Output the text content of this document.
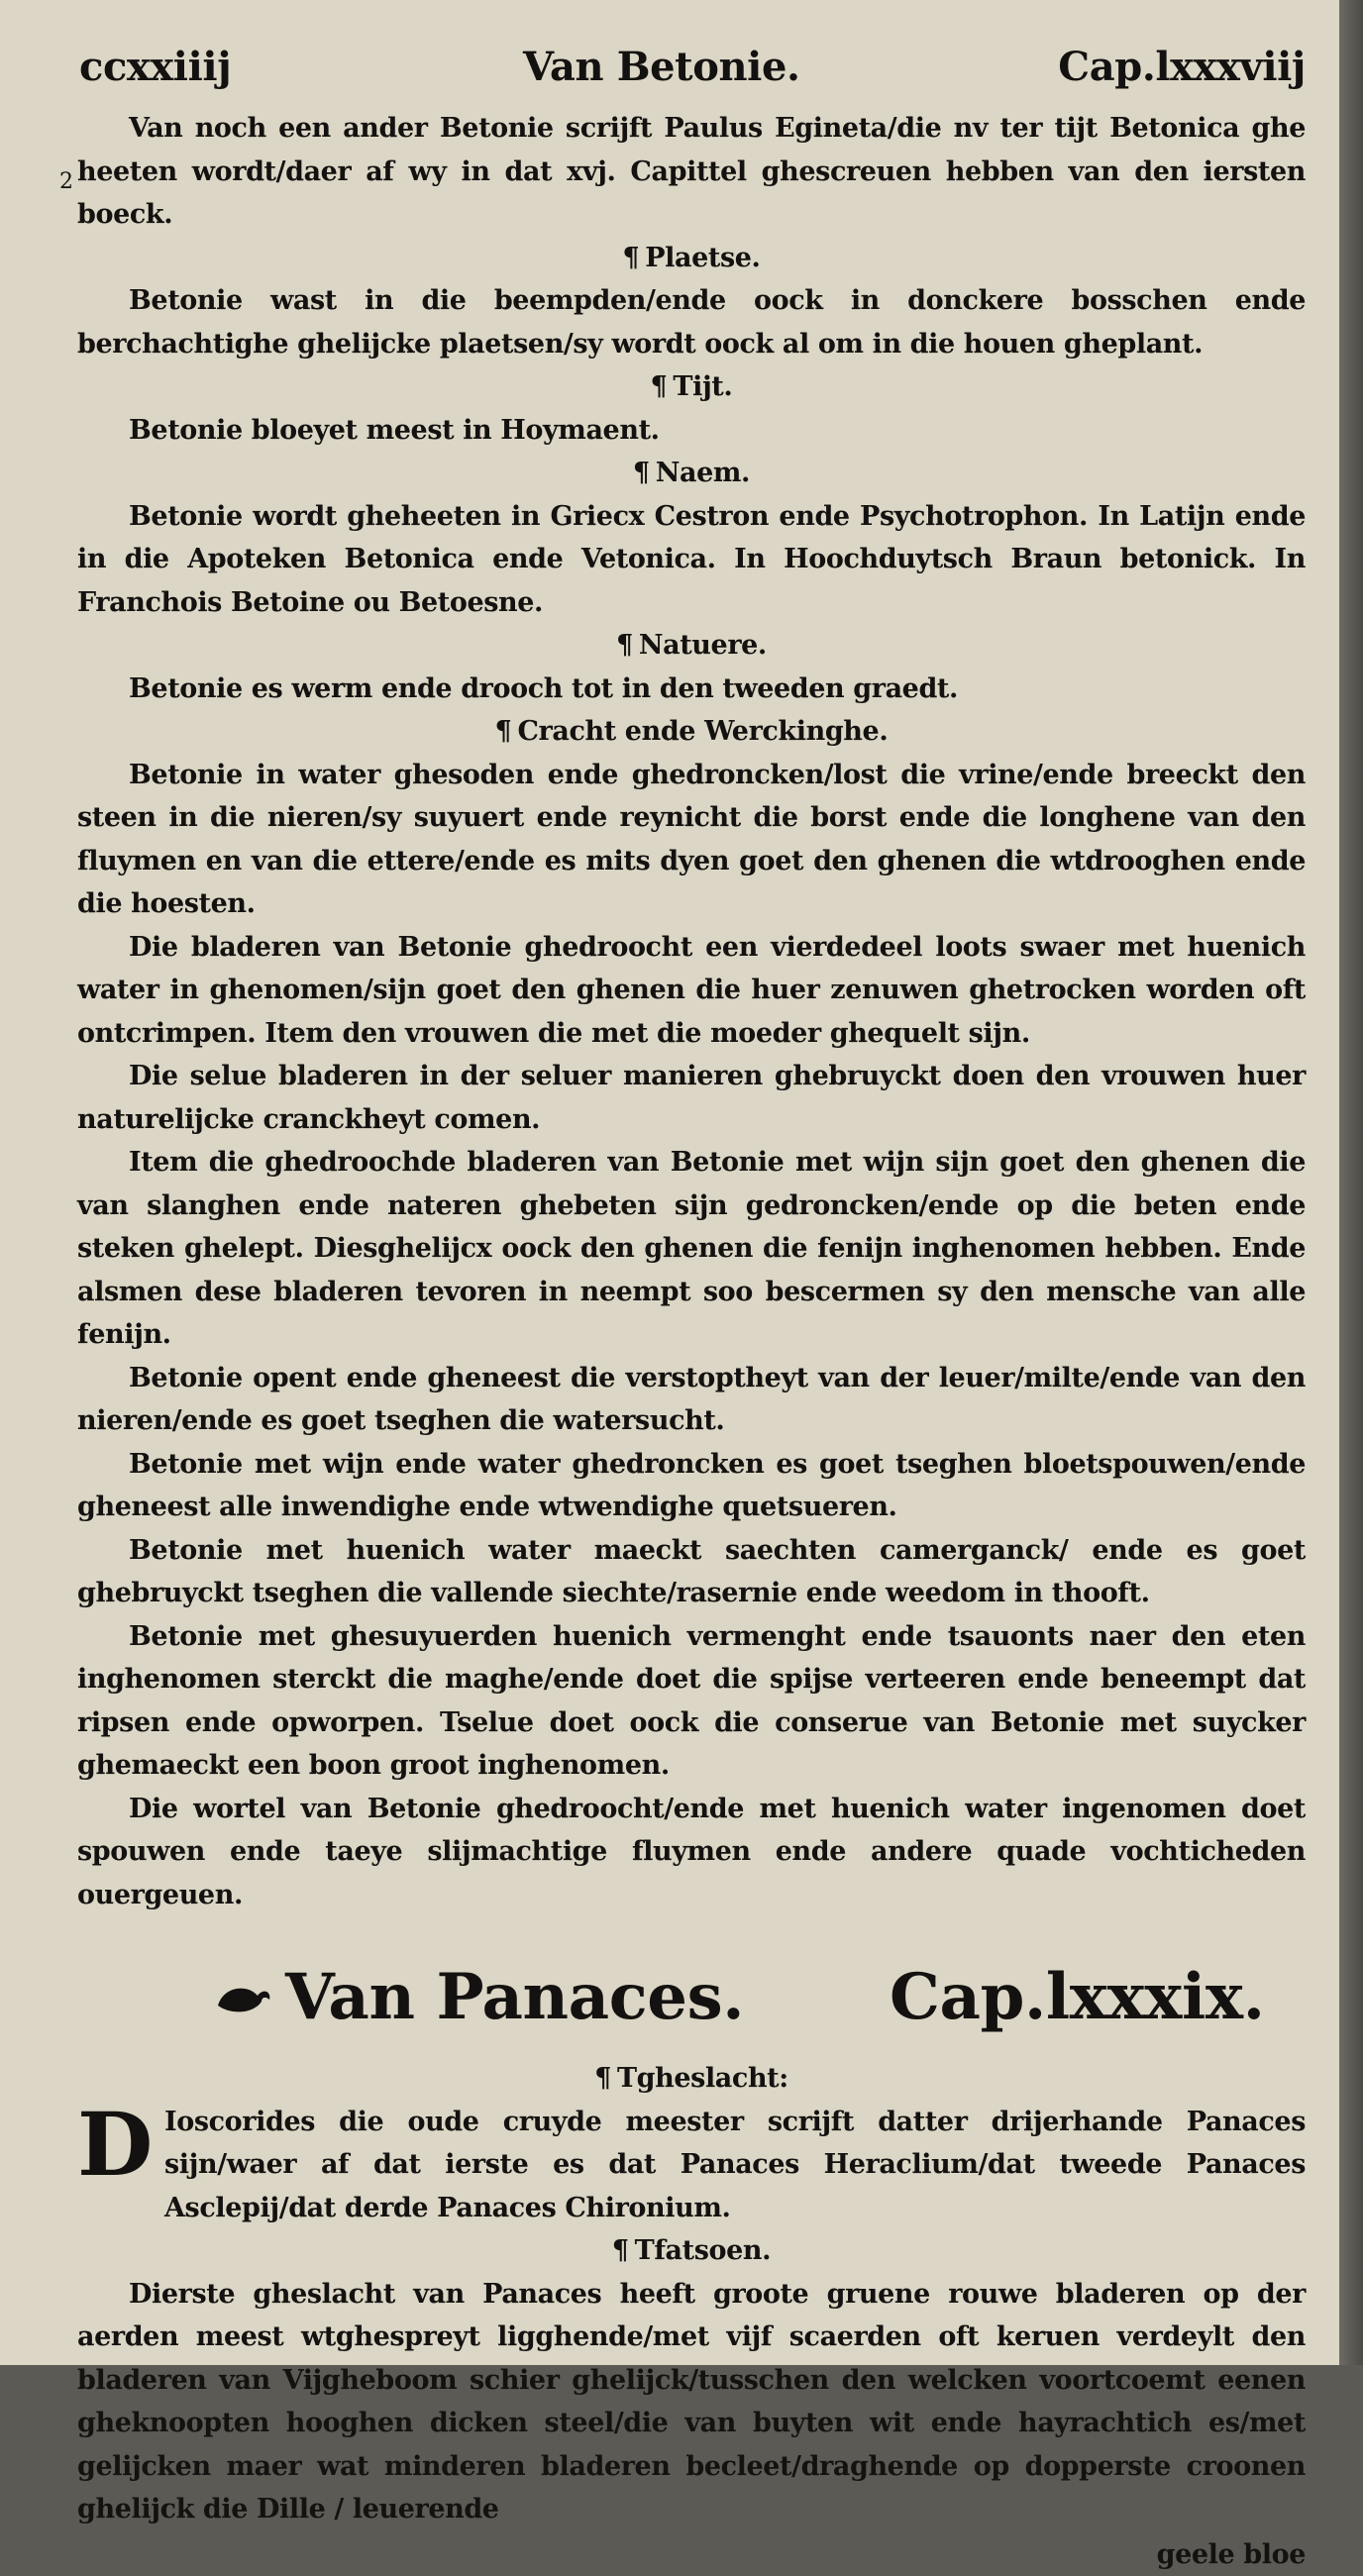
ccxxiiij	Van Betonie.	Cap.lxxxviij
2

Van noch een ander Betonie scrijft Paulus Egineta/die nv ter tijt Betonica ghe heeten wordt/daer af wy in dat xvj. Capittel ghescreuen hebben van den iersten boeck.

¶ Plaetse.

Betonie wast in die beempden/ende oock in donckere bosschen ende berchachtighe ghelijcke plaetsen/sy wordt oock al om in die houen gheplant.

¶ Tijt.

Betonie bloeyet meest in Hoymaent.

¶ Naem.

Betonie wordt gheheeten in Griecx Cestron ende Psychotrophon. In Latijn ende in die Apoteken Betonica ende Vetonica. In Hoochduytsch Braun betonick. In Franchois Betoine ou Betoesne.

¶ Natuere.

Betonie es werm ende drooch tot in den tweeden graedt.

¶ Cracht ende Werckinghe.

Betonie in water ghesoden ende ghedroncken/lost die vrine/ende breeckt den steen in die nieren/sy suyuert ende reynicht die borst ende die longhene van den fluymen en van die ettere/ende es mits dyen goet den ghenen die wtdrooghen ende die hoesten.

Die bladeren van Betonie ghedroocht een vierdedeel loots swaer met huenich water in ghenomen/sijn goet den ghenen die huer zenuwen ghetrocken worden oft ontcrimpen. Item den vrouwen die met die moeder ghequelt sijn.

Die selue bladeren in der seluer manieren ghebruyckt doen den vrouwen huer naturelijcke cranckheyt comen.

Item die ghedroochde bladeren van Betonie met wijn sijn goet den ghenen die van slanghen ende nateren ghebeten sijn gedroncken/ende op die beten ende steken ghelept. Diesghelijcx oock den ghenen die fenijn inghenomen hebben. Ende alsmen dese bladeren tevoren in neempt soo bescermen sy den mensche van alle fenijn.

Betonie opent ende gheneest die verstoptheyt van der leuer/milte/ende van den nieren/ende es goet tseghen die watersucht.

Betonie met wijn ende water ghedroncken es goet tseghen bloetspouwen/ende gheneest alle inwendighe ende wtwendighe quetsueren.

Betonie met huenich water maeckt saechten camerganck/ ende es goet ghebruyckt tseghen die vallende siechte/rasernie ende weedom in thooft.

Betonie met ghesuyuerden huenich vermenght ende tsauonts naer den eten inghenomen sterckt die maghe/ende doet die spijse verteeren ende beneempt dat ripsen ende opworpen. Tselue doet oock die conserue van Betonie met suycker ghemaeckt een boon groot inghenomen.

Die wortel van Betonie ghedroocht/ende met huenich water ingenomen doet spouwen ende taeye slijmachtige fluymen ende andere quade vochticheden ouergeuen.

Van Panaces. Cap.lxxxix.

¶ Tgheslacht:

D Ioscorides die oude cruyde meester scrijft datter drijerhande Panaces sijn/waer af dat ierste es dat Panaces Heraclium/dat tweede Panaces Asclepij/dat derde Panaces Chironium.

¶ Tfatsoen.

Dierste gheslacht van Panaces heeft groote gruene rouwe bladeren op der aerden meest wtghespreyt ligghende/met vijf scaerden oft keruen verdeylt den bladeren van Vijgheboom schier ghelijck/tusschen den welcken voortcoemt eenen gheknoopten hooghen dicken steel/die van buyten wit ende hayrachtich es/met gelijcken maer wat minderen bladeren becleet/draghende op dopperste croonen ghelijck die Dille / leuerende

geele bloe
